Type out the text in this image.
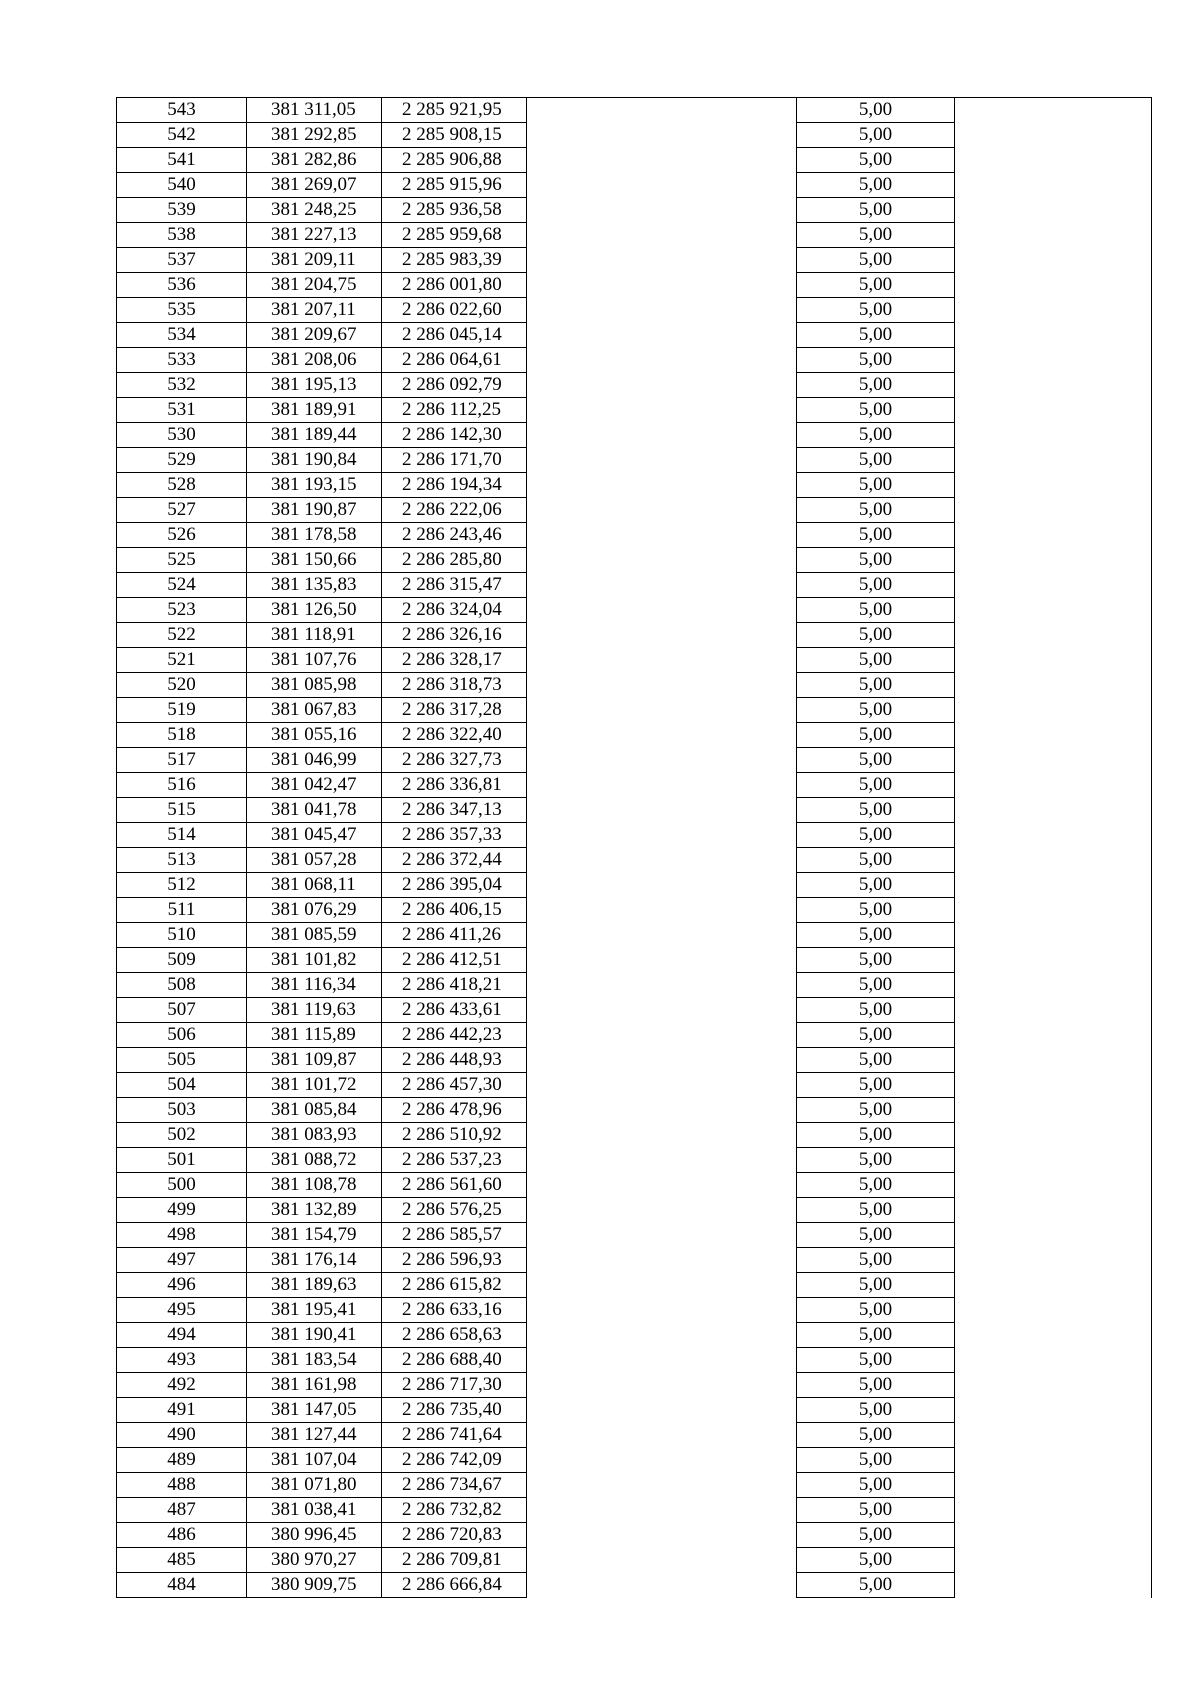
543	381 311,05	2 285 921,95		5,00	
542	381 292,85	2 285 908,15		5,00	
541	381 282,86	2 285 906,88		5,00	
540	381 269,07	2 285 915,96		5,00	
539	381 248,25	2 285 936,58		5,00	
538	381 227,13	2 285 959,68		5,00	
537	381 209,11	2 285 983,39		5,00	
536	381 204,75	2 286 001,80		5,00	
535	381 207,11	2 286 022,60		5,00	
534	381 209,67	2 286 045,14		5,00	
533	381 208,06	2 286 064,61		5,00	
532	381 195,13	2 286 092,79		5,00	
531	381 189,91	2 286 112,25		5,00	
530	381 189,44	2 286 142,30		5,00	
529	381 190,84	2 286 171,70		5,00	
528	381 193,15	2 286 194,34		5,00	
527	381 190,87	2 286 222,06		5,00	
526	381 178,58	2 286 243,46		5,00	
525	381 150,66	2 286 285,80		5,00	
524	381 135,83	2 286 315,47		5,00	
523	381 126,50	2 286 324,04		5,00	
522	381 118,91	2 286 326,16		5,00	
521	381 107,76	2 286 328,17		5,00	
520	381 085,98	2 286 318,73		5,00	
519	381 067,83	2 286 317,28		5,00	
518	381 055,16	2 286 322,40		5,00	
517	381 046,99	2 286 327,73		5,00	
516	381 042,47	2 286 336,81		5,00	
515	381 041,78	2 286 347,13		5,00	
514	381 045,47	2 286 357,33		5,00	
513	381 057,28	2 286 372,44		5,00	
512	381 068,11	2 286 395,04		5,00	
511	381 076,29	2 286 406,15		5,00	
510	381 085,59	2 286 411,26		5,00	
509	381 101,82	2 286 412,51		5,00	
508	381 116,34	2 286 418,21		5,00	
507	381 119,63	2 286 433,61		5,00	
506	381 115,89	2 286 442,23		5,00	
505	381 109,87	2 286 448,93		5,00	
504	381 101,72	2 286 457,30		5,00	
503	381 085,84	2 286 478,96		5,00	
502	381 083,93	2 286 510,92		5,00	
501	381 088,72	2 286 537,23		5,00	
500	381 108,78	2 286 561,60		5,00	
499	381 132,89	2 286 576,25		5,00	
498	381 154,79	2 286 585,57		5,00	
497	381 176,14	2 286 596,93		5,00	
496	381 189,63	2 286 615,82		5,00	
495	381 195,41	2 286 633,16		5,00	
494	381 190,41	2 286 658,63		5,00	
493	381 183,54	2 286 688,40		5,00	
492	381 161,98	2 286 717,30		5,00	
491	381 147,05	2 286 735,40		5,00	
490	381 127,44	2 286 741,64		5,00	
489	381 107,04	2 286 742,09		5,00	
488	381 071,80	2 286 734,67		5,00	
487	381 038,41	2 286 732,82		5,00	
486	380 996,45	2 286 720,83		5,00	
485	380 970,27	2 286 709,81		5,00	
484	380 909,75	2 286 666,84		5,00	
